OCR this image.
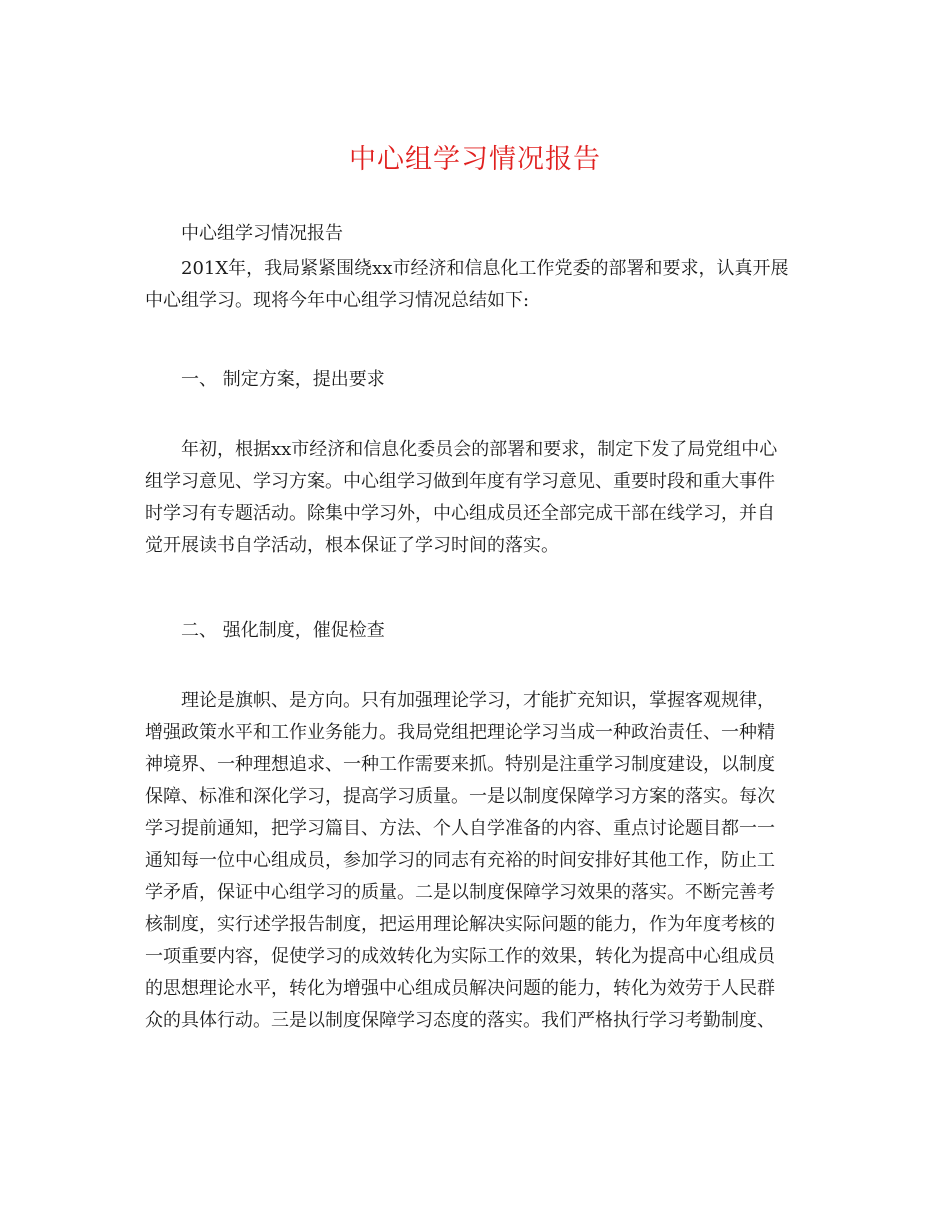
中心组学习情况报告

中心组学习情况报告

201X年，我局紧紧围绕xx市经济和信息化工作党委的部署和要求，认真开展
中心组学习。现将今年中心组学习情况总结如下:

一、 制定方案，提出要求

年初，根据xx市经济和信息化委员会的部署和要求，制定下发了局党组中心
组学习意见、学习方案。中心组学习做到年度有学习意见、重要时段和重大事件
时学习有专题活动。除集中学习外，中心组成员还全部完成干部在线学习，并自
觉开展读书自学活动，根本保证了学习时间的落实。

二、 强化制度，催促检查

理论是旗帜、是方向。只有加强理论学习，才能扩充知识，掌握客观规律，
增强政策水平和工作业务能力。我局党组把理论学习当成一种政治责任、一种精
神境界、一种理想追求、一种工作需要来抓。特别是注重学习制度建设，以制度
保障、标准和深化学习，提高学习质量。一是以制度保障学习方案的落实。每次
学习提前通知，把学习篇目、方法、个人自学准备的内容、重点讨论题目都一一
通知每一位中心组成员，参加学习的同志有充裕的时间安排好其他工作，防止工
学矛盾，保证中心组学习的质量。二是以制度保障学习效果的落实。不断完善考
核制度，实行述学报告制度，把运用理论解决实际问题的能力，作为年度考核的
一项重要内容，促使学习的成效转化为实际工作的效果，转化为提高中心组成员
的思想理论水平，转化为增强中心组成员解决问题的能力，转化为效劳于人民群
众的具体行动。三是以制度保障学习态度的落实。我们严格执行学习考勤制度、
